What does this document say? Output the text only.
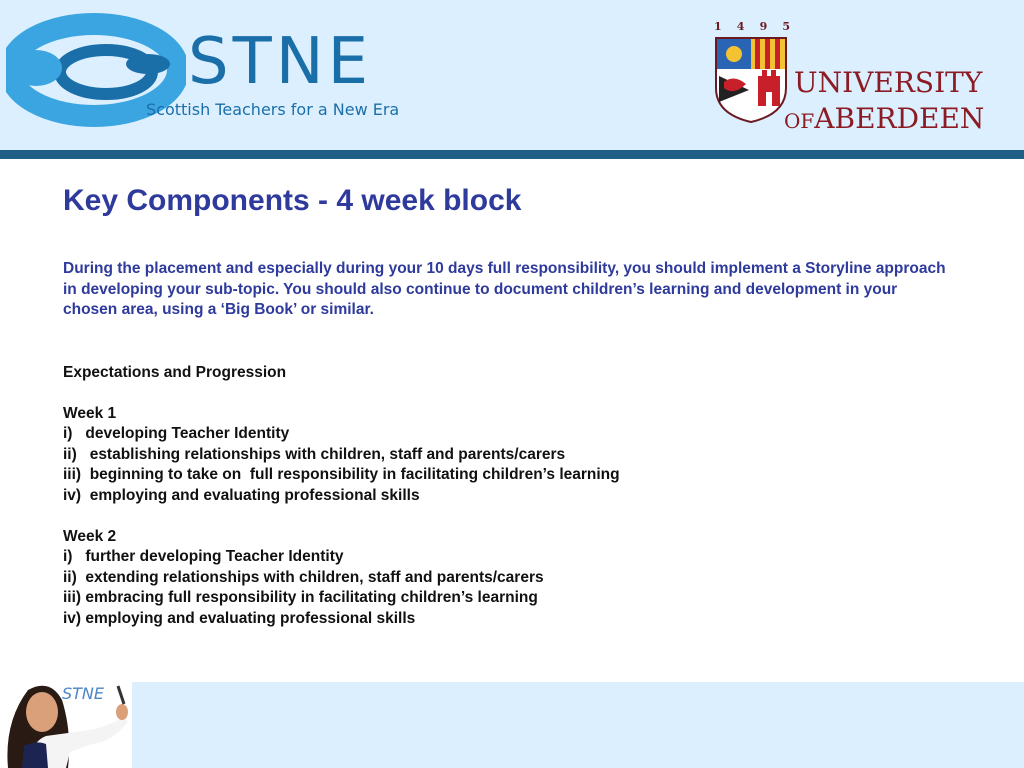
STNE
Scottish Teachers for a New Era
1 4 9 5
UNIVERSITY
OFABERDEEN
Key Components - 4 week block

During the placement and especially during your 10 days full responsibility, you should implement a Storyline approach in developing your sub-topic. You should also continue to document children’s learning and development in your chosen area, using a ‘Big Book’ or similar.

Expectations and Progression
Week 1
i)   developing Teacher Identity
ii)   establishing relationships with children, staff and parents/carers
iii)  beginning to take on  full responsibility in facilitating children’s learning
iv)  employing and evaluating professional skills
Week 2
i)   further developing Teacher Identity
ii)  extending relationships with children, staff and parents/carers
iii) embracing full responsibility in facilitating children’s learning
iv) employing and evaluating professional skills
STNE
